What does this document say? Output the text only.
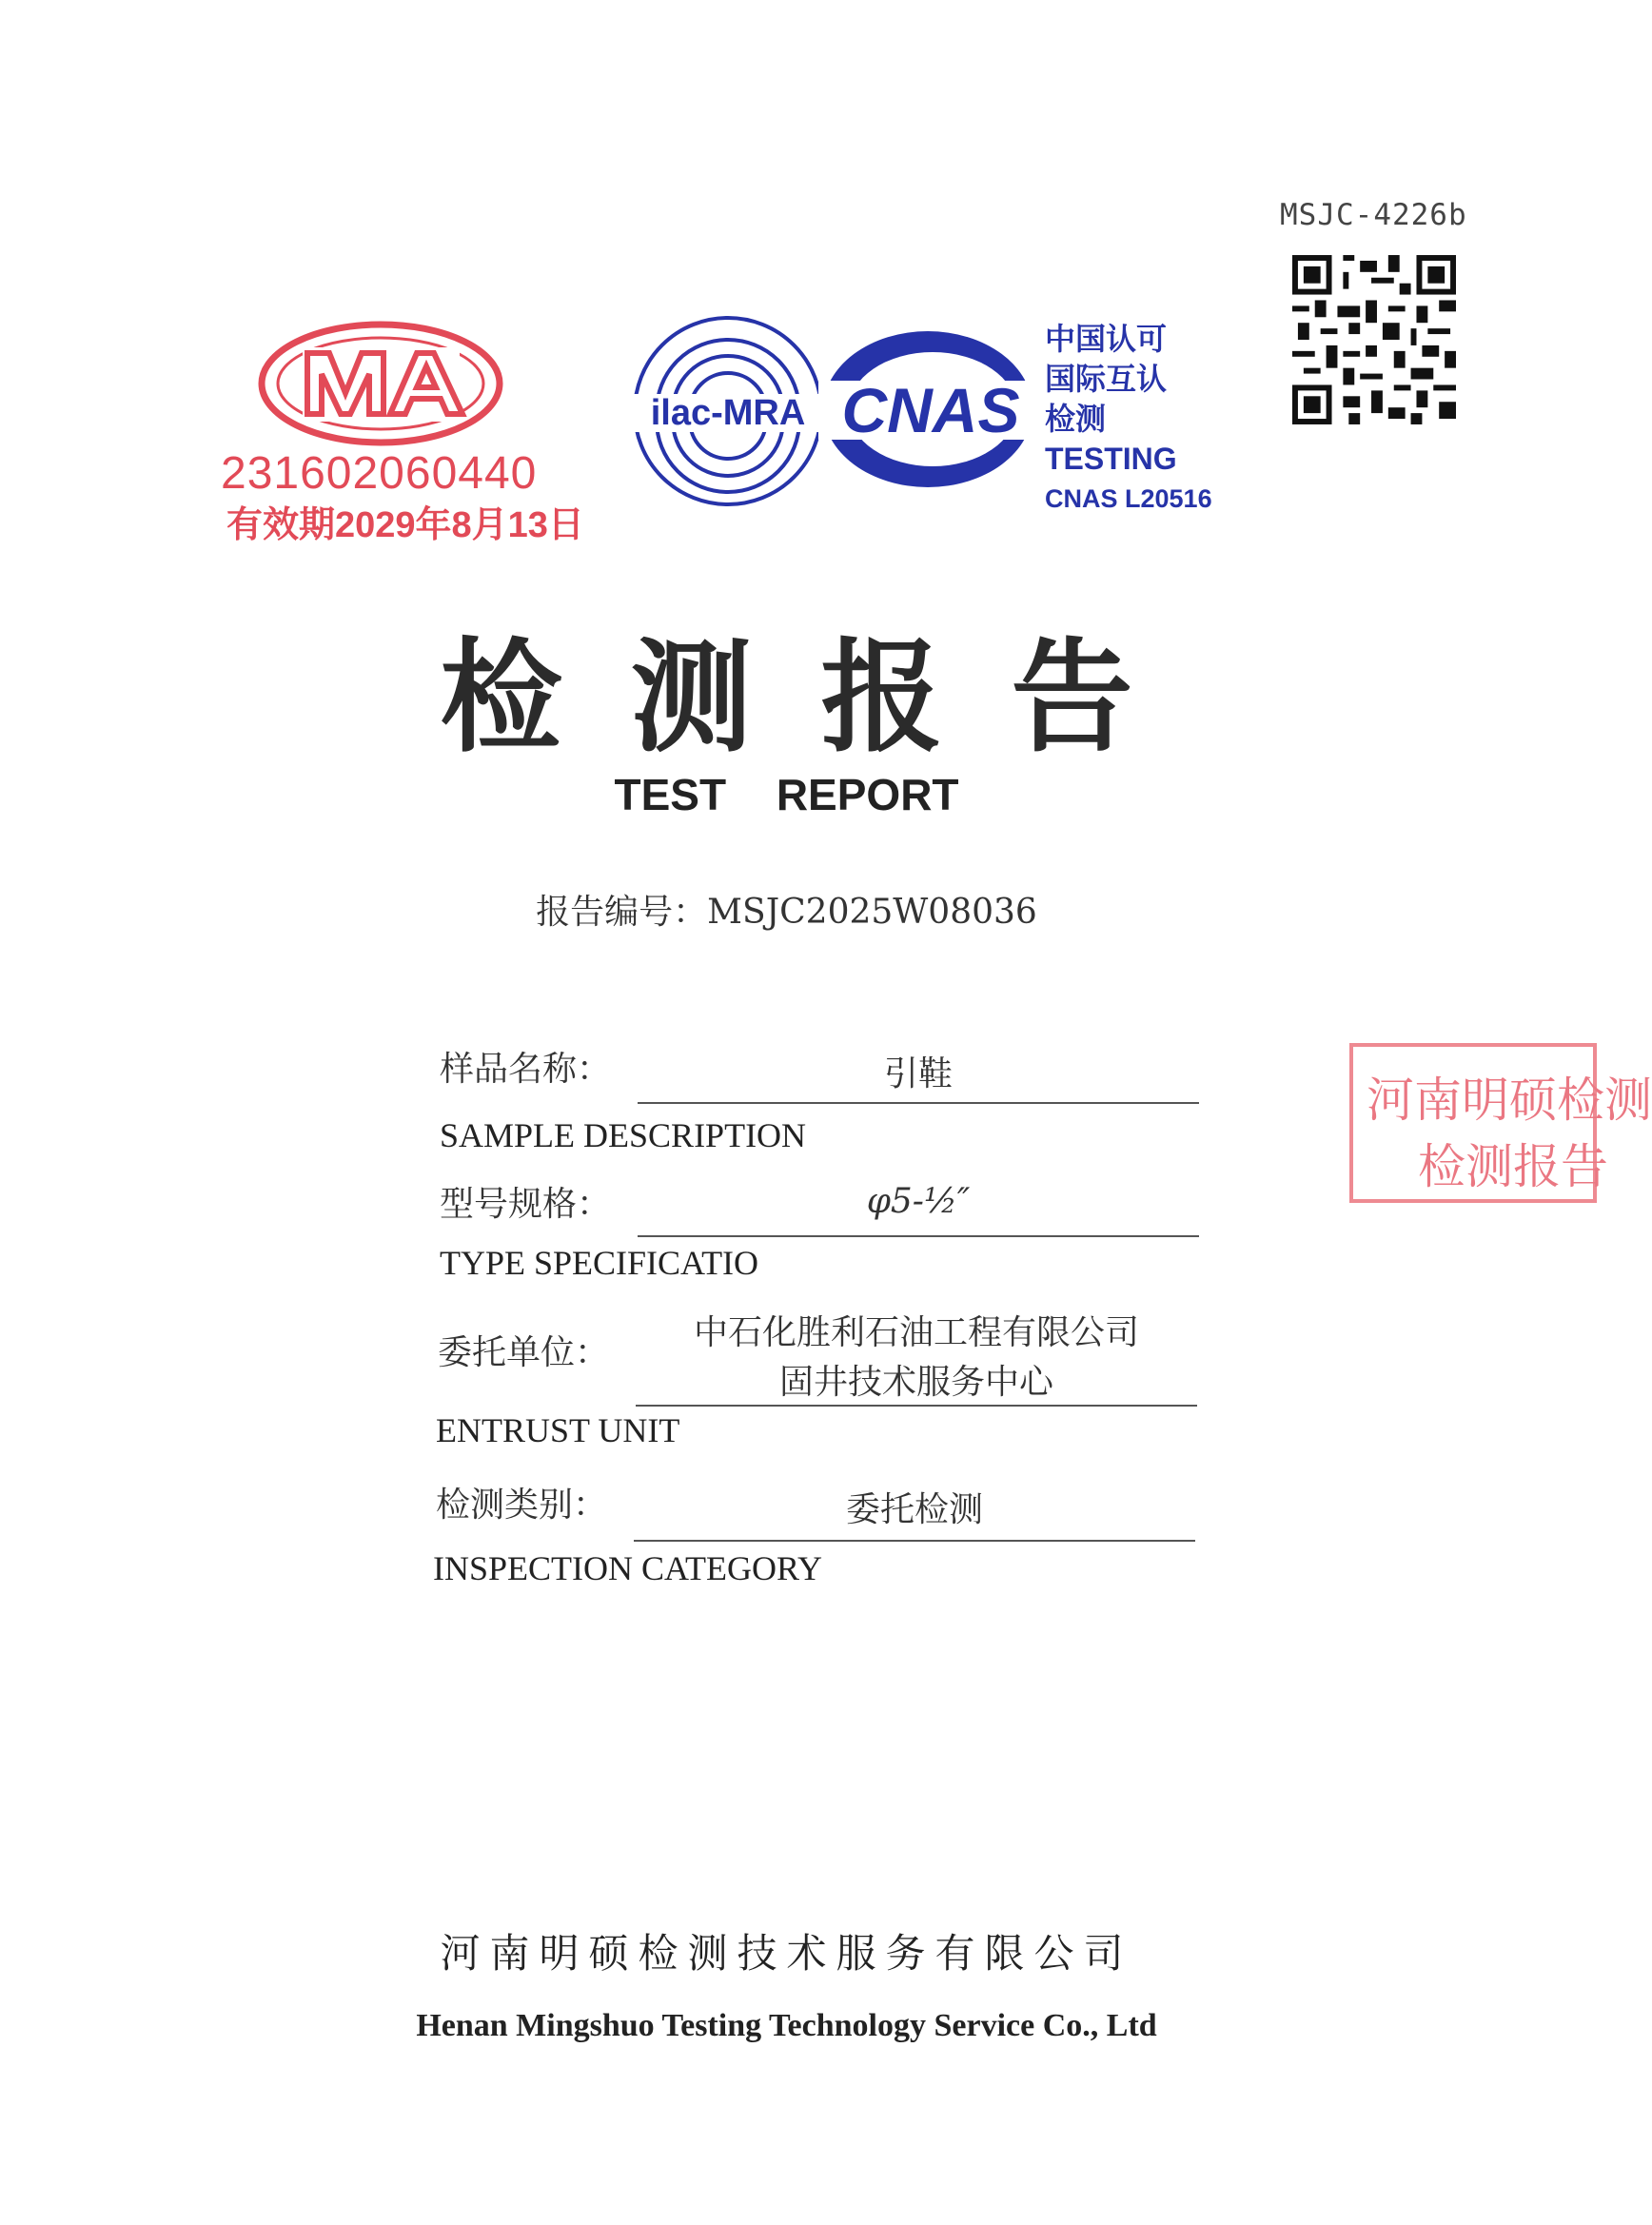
MSJC-4226b
231602060440
有效期2029年8月13日
ilac-MRA CNAS
中国认可
国际互认
检测
TESTING
CNAS L20516
检测报告
TEST REPORT
报告编号：MSJC2025W08036
样品名称：	引鞋
SAMPLE DESCRIPTION
型号规格：	φ5-½″
TYPE SPECIFICATIO
委托单位：
中石化胜利石油工程有限公司
固井技术服务中心
ENTRUST UNIT
检测类别：	委托检测
INSPECTION CATEGORY
河南明硕检测
检测报告
河南明硕检测技术服务有限公司
Henan Mingshuo Testing Technology Service Co., Ltd
